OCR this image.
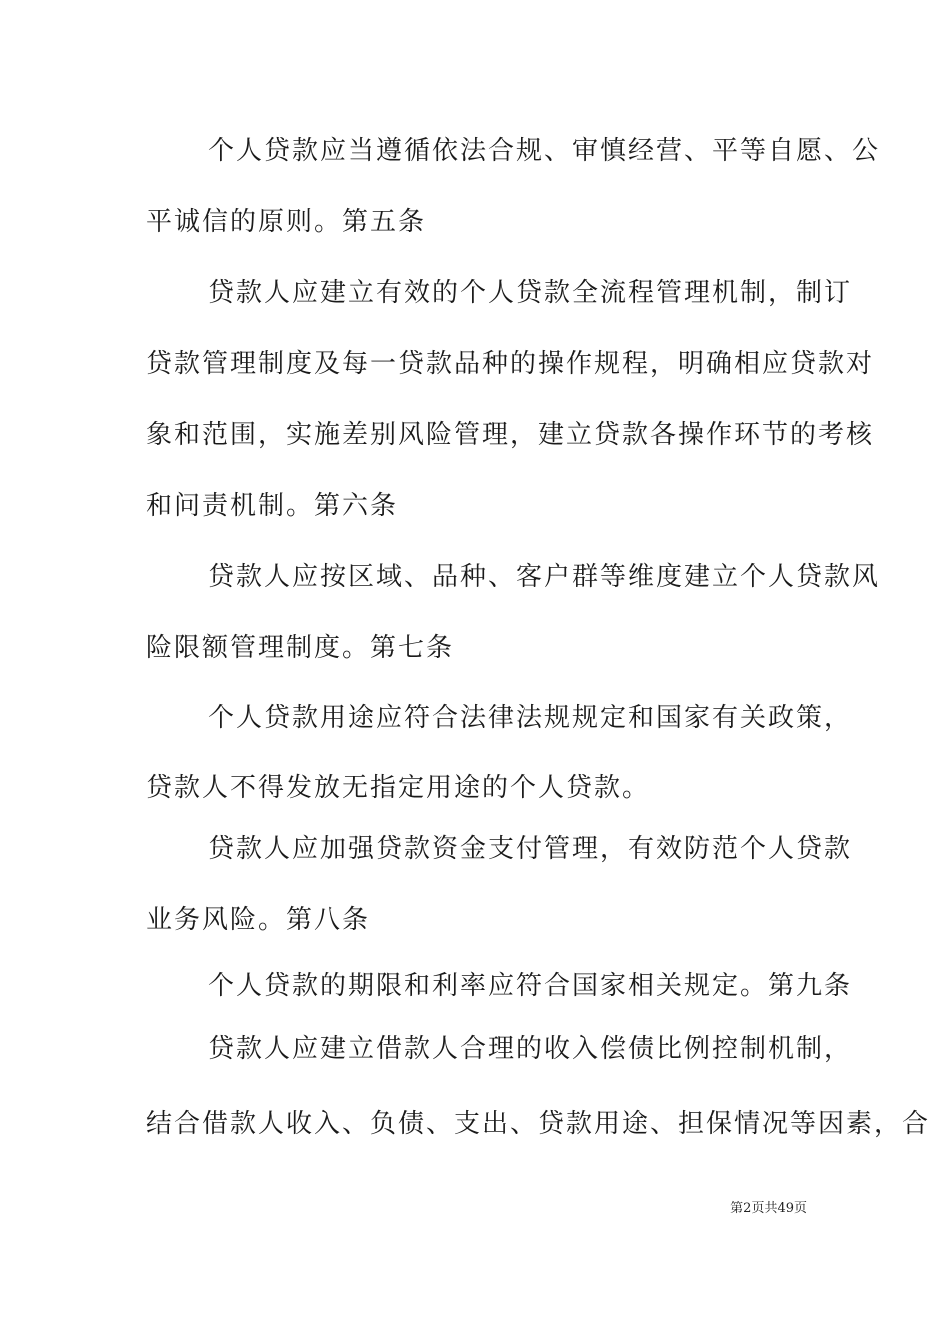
个人贷款应当遵循依法合规、审慎经营、平等自愿、公
平诚信的原则。第五条
贷款人应建立有效的个人贷款全流程管理机制，制订
贷款管理制度及每一贷款品种的操作规程，明确相应贷款对
象和范围，实施差别风险管理，建立贷款各操作环节的考核
和问责机制。第六条
贷款人应按区域、品种、客户群等维度建立个人贷款风
险限额管理制度。第七条
个人贷款用途应符合法律法规规定和国家有关政策，
贷款人不得发放无指定用途的个人贷款。
贷款人应加强贷款资金支付管理，有效防范个人贷款
业务风险。第八条
个人贷款的期限和利率应符合国家相关规定。第九条
贷款人应建立借款人合理的收入偿债比例控制机制，
结合借款人收入、负债、支出、贷款用途、担保情况等因素，合
第2页共49页
